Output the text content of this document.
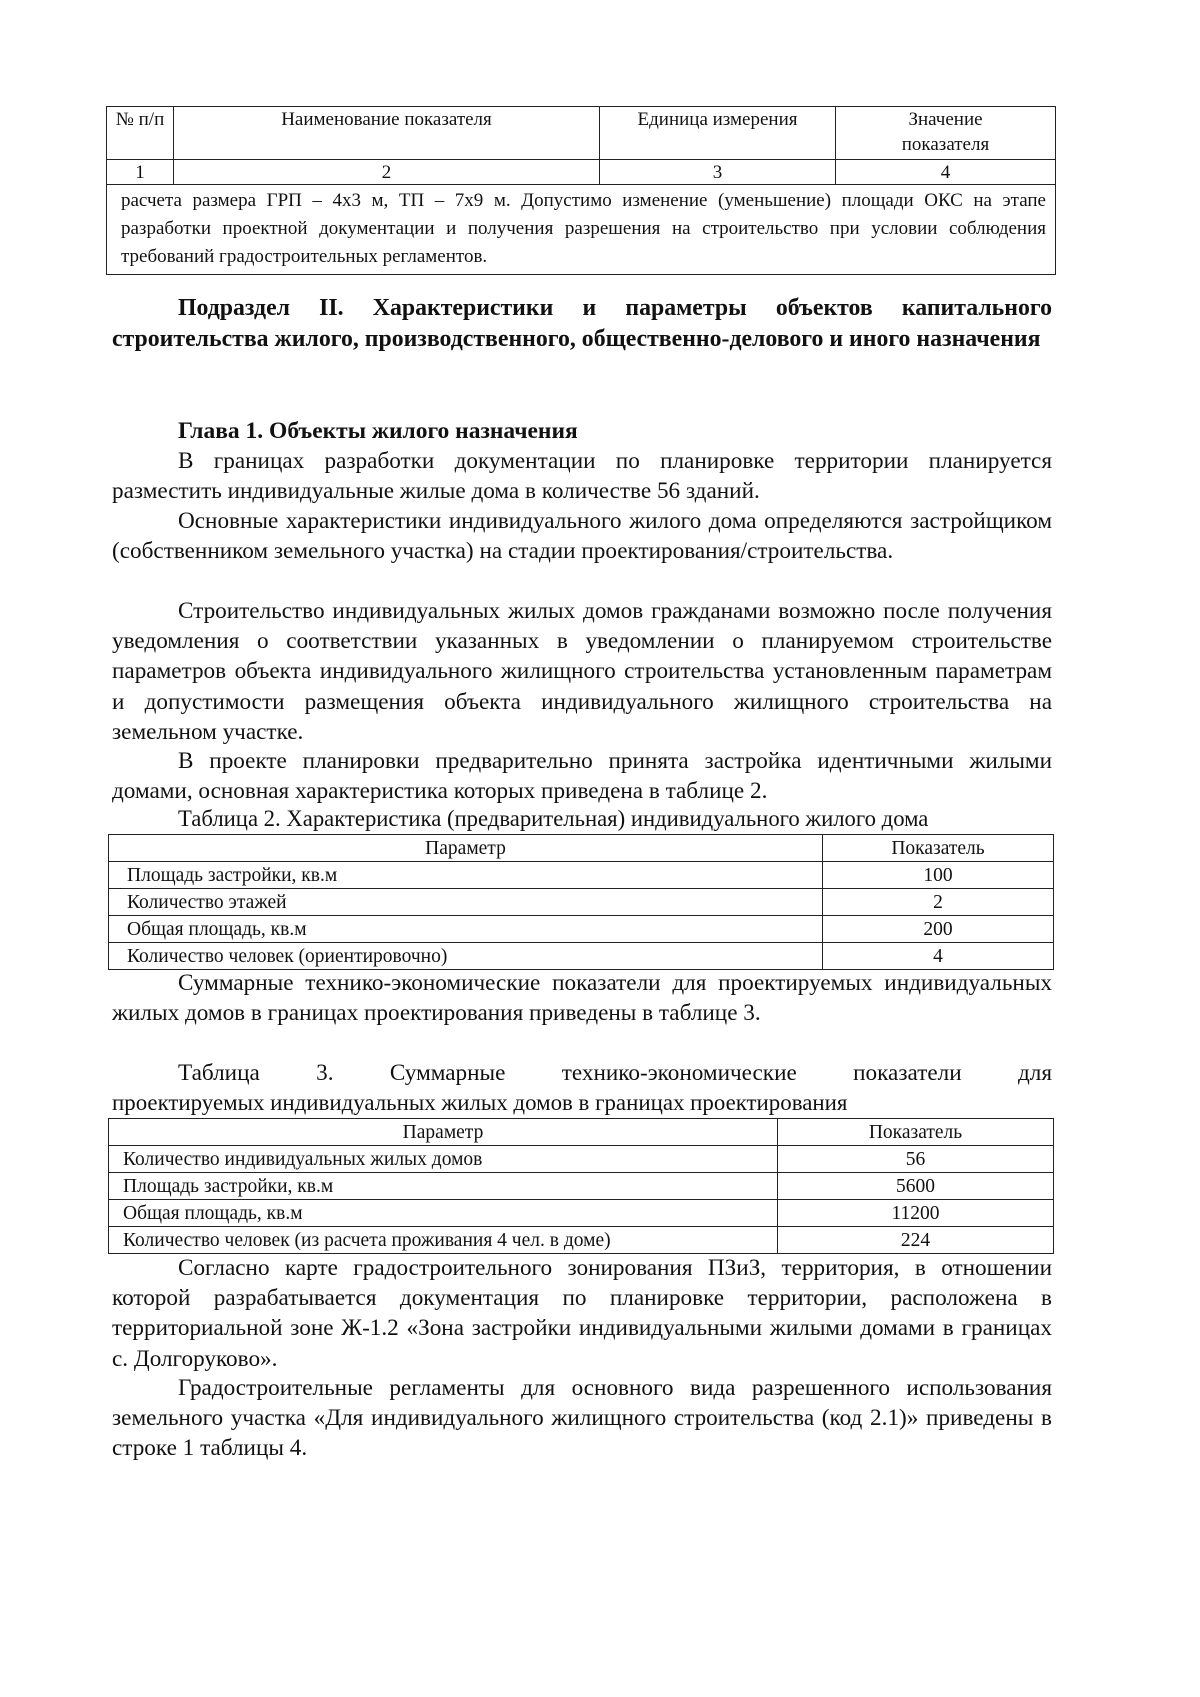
№ п/п	Наименование показателя	Единица измерения	Значение показателя
1	2	3	4
расчета размера ГРП – 4х3 м, ТП – 7х9 м. Допустимо изменение (уменьшение) площади ОКС на этапе разработки проектной документации и получения разрешения на строительство при условии соблюдения требований градостроительных регламентов.			

Подраздел II. Характеристики и параметры объектов капитального строительства жилого, производственного, общественно-делового и иного назначения

Глава 1. Объекты жилого назначения

В границах разработки документации по планировке территории планируется разместить индивидуальные жилые дома в количестве 56 зданий.

Основные характеристики индивидуального жилого дома определяются застройщиком (собственником земельного участка) на стадии проектирования/строительства.

Строительство индивидуальных жилых домов гражданами возможно после получения уведомления о соответствии указанных в уведомлении о планируемом строительстве параметров объекта индивидуального жилищного строительства установленным параметрам и допустимости размещения объекта индивидуального жилищного строительства на земельном участке.

В проекте планировки предварительно принята застройка идентичными жилыми домами, основная характеристика которых приведена в таблице 2.

Таблица 2. Характеристика (предварительная) индивидуального жилого дома

Параметр	Показатель
Площадь застройки, кв.м	100
Количество этажей	2
Общая площадь, кв.м	200
Количество человек (ориентировочно)	4

Суммарные технико-экономические показатели для проектируемых индивидуальных жилых домов в границах проектирования приведены в таблице 3.

Таблица 3. Суммарные технико-экономические показатели для

проектируемых индивидуальных жилых домов в границах проектирования

Параметр	Показатель
Количество индивидуальных жилых домов	56
Площадь застройки, кв.м	5600
Общая площадь, кв.м	11200
Количество человек (из расчета проживания 4 чел. в доме)	224

Согласно карте градостроительного зонирования ПЗиЗ, территория, в отношении которой разрабатывается документация по планировке территории, расположена в территориальной зоне Ж-1.2 «Зона застройки индивидуальными жилыми домами в границах с. Долгоруково».

Градостроительные регламенты для основного вида разрешенного использования земельного участка «Для индивидуального жилищного строительства (код 2.1)» приведены в строке 1 таблицы 4.
